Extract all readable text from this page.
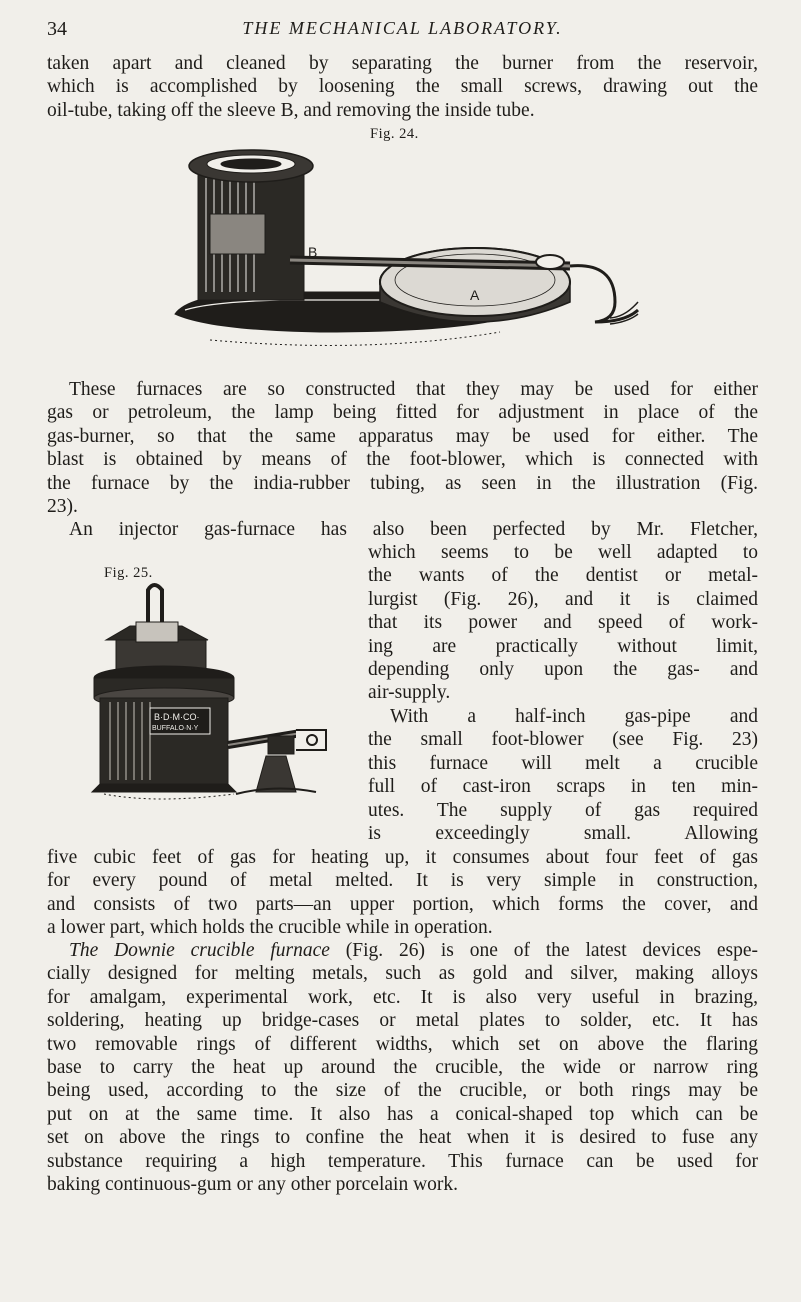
34	THE MECHANICAL LABORATORY.
taken apart and cleaned by separating the burner from the reservoir,
which is accomplished by loosening the small screws, drawing out the
oil-tube, taking off the sleeve B, and removing the inside tube.
Fig. 24.
B
A
These furnaces are so constructed that they may be used for either
gas or petroleum, the lamp being fitted for adjustment in place of the
gas-burner, so that the same apparatus may be used for either. The
blast is obtained by means of the foot-blower, which is connected with
the furnace by the india-rubber tubing, as seen in the illustration (Fig.
23).
An injector gas-furnace has also been perfected by Mr. Fletcher,
Fig. 25.
B·D·M·CO·
BUFFALO·N·Y
which seems to be well adapted to
the wants of the dentist or metal-
lurgist (Fig. 26), and it is claimed
that its power and speed of work-
ing are practically without limit,
depending only upon the gas- and
air-supply.
With a half-inch gas-pipe and
the small foot-blower (see Fig. 23)
this furnace will melt a crucible
full of cast-iron scraps in ten min-
utes. The supply of gas required
is exceedingly small. Allowing
five cubic feet of gas for heating up, it consumes about four feet of gas
for every pound of metal melted. It is very simple in construction,
and consists of two parts—an upper portion, which forms the cover, and
a lower part, which holds the crucible while in operation.
The Downie crucible furnace (Fig. 26) is one of the latest devices espe-
cially designed for melting metals, such as gold and silver, making alloys
for amalgam, experimental work, etc. It is also very useful in brazing,
soldering, heating up bridge-cases or metal plates to solder, etc. It has
two removable rings of different widths, which set on above the flaring
base to carry the heat up around the crucible, the wide or narrow ring
being used, according to the size of the crucible, or both rings may be
put on at the same time. It also has a conical-shaped top which can be
set on above the rings to confine the heat when it is desired to fuse any
substance requiring a high temperature. This furnace can be used for
baking continuous-gum or any other porcelain work.
